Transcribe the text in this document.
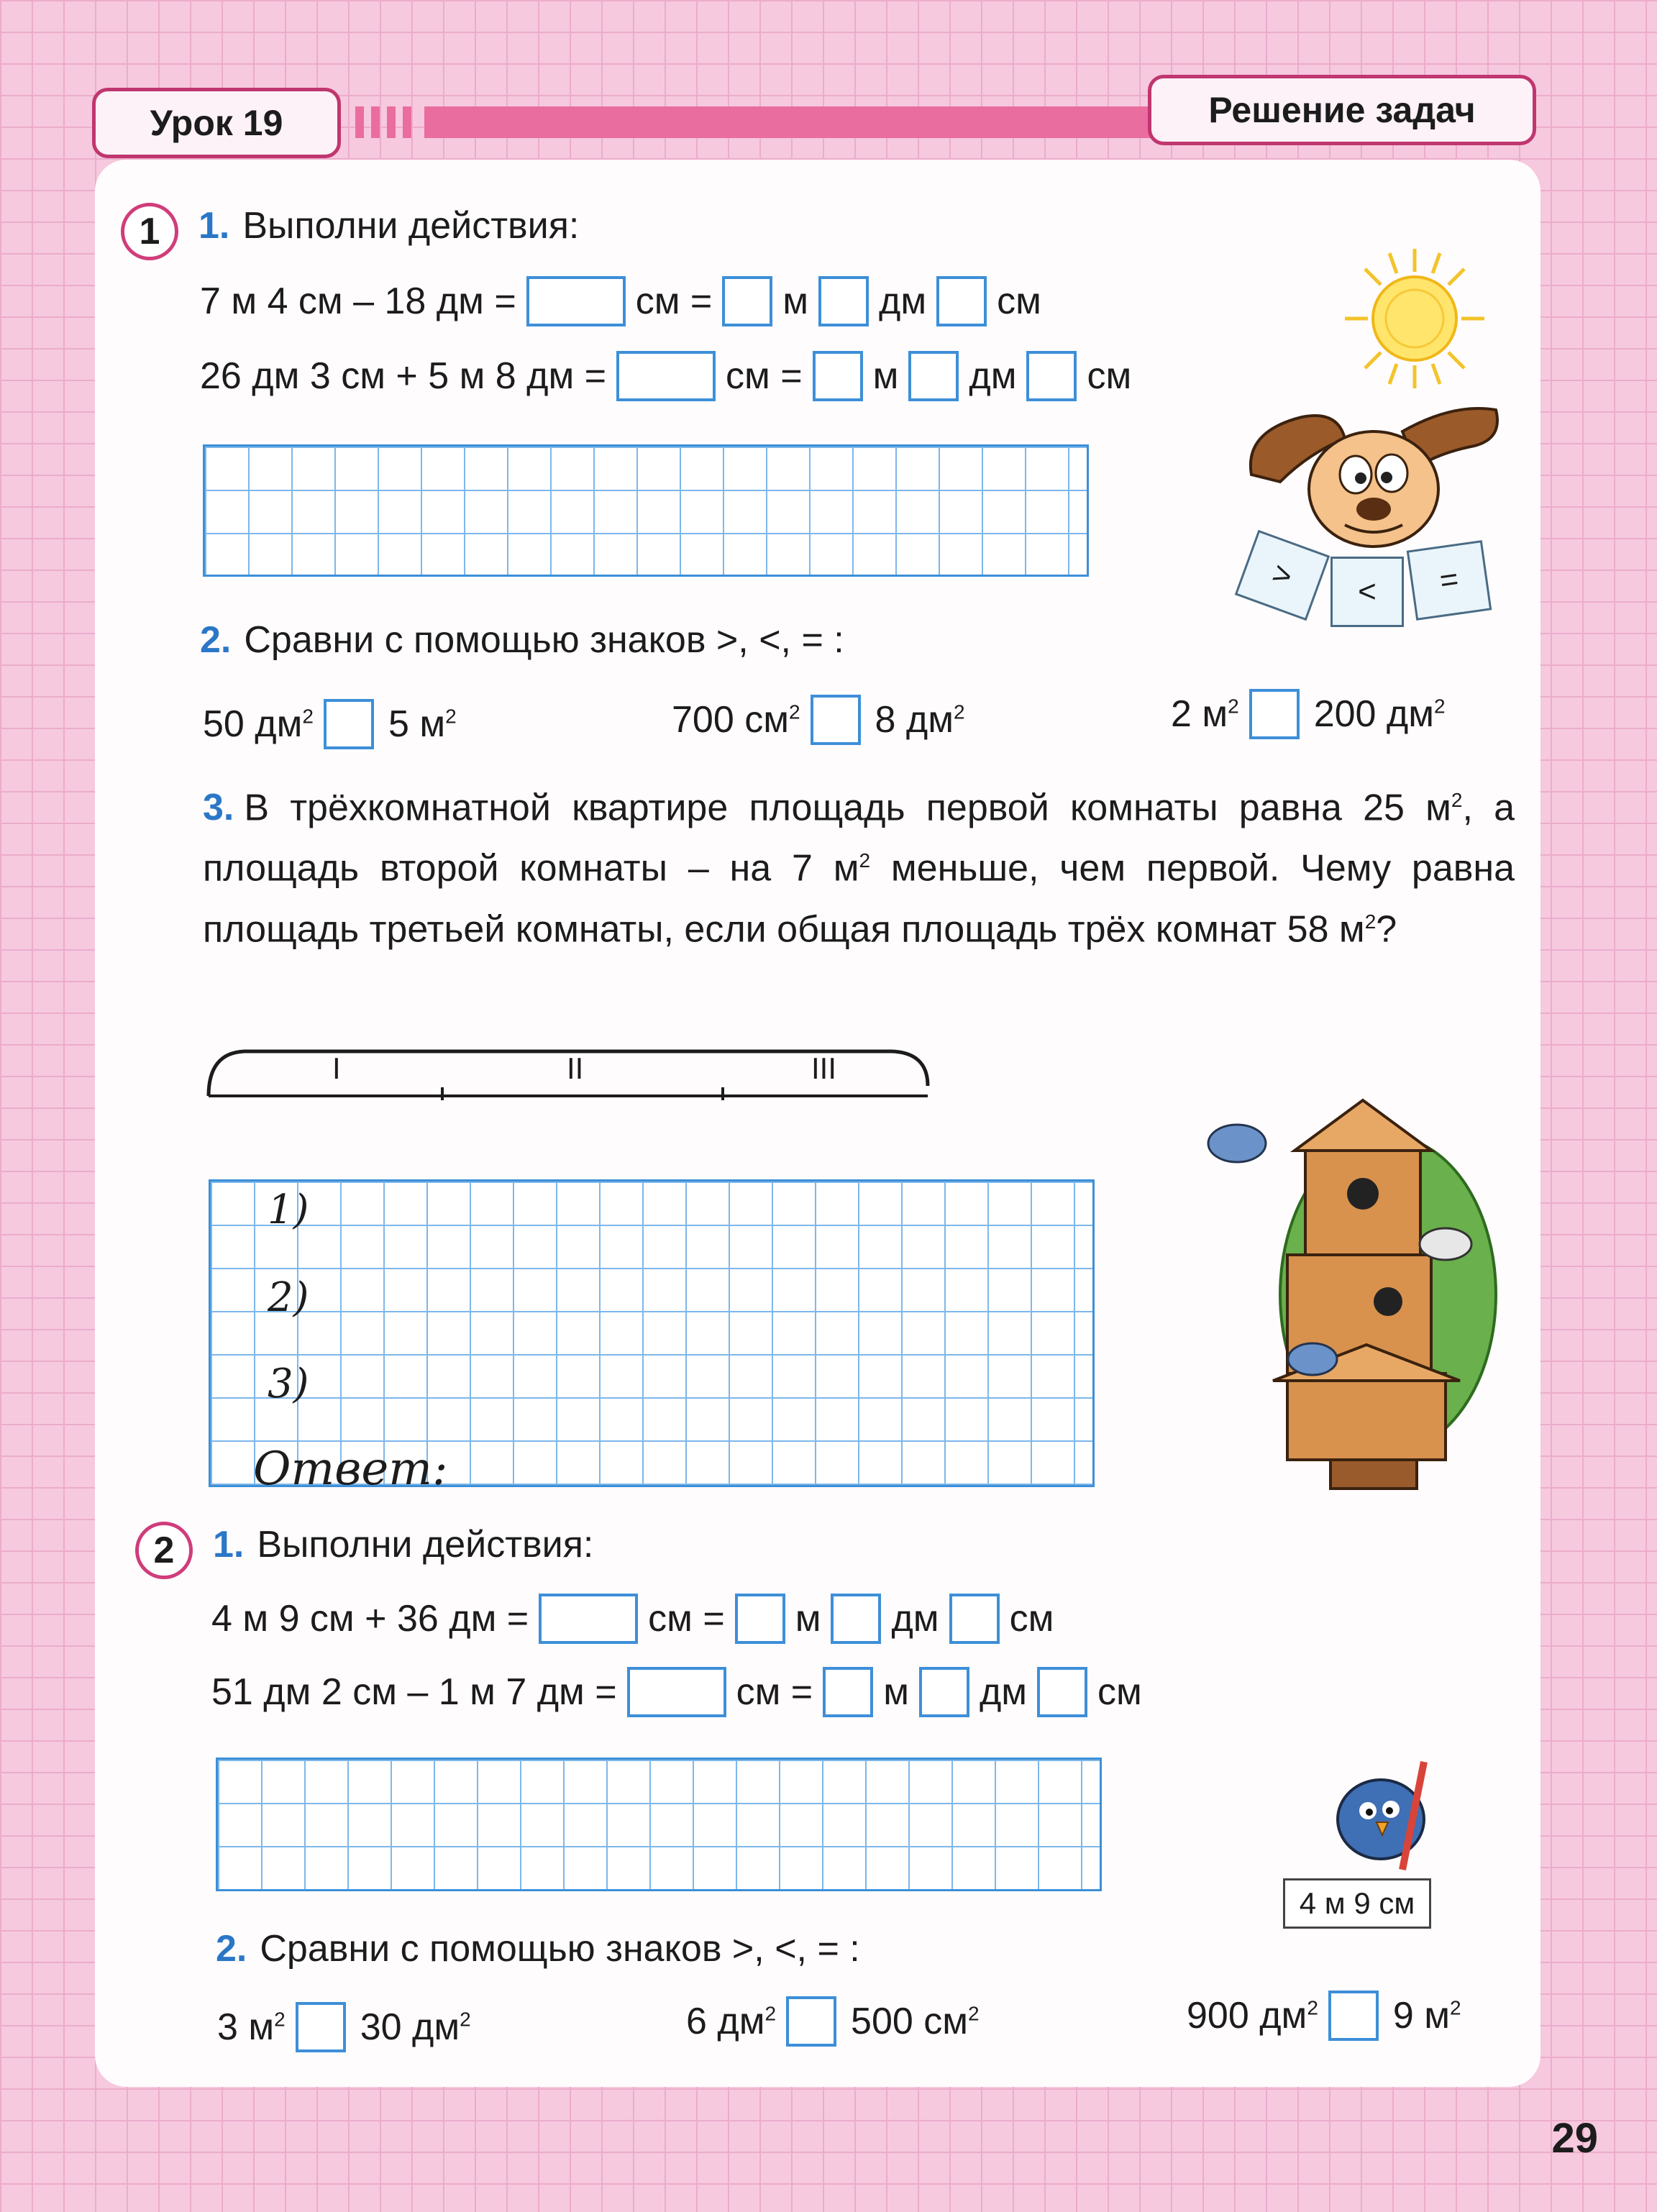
Урок 19	Решение задач
1	1. Выполни действия:
7 м 4 см – 18 дм =	см = м дм см
26 дм 3 см + 5 м 8 дм =	см = м дм см
>	<	=
2. Сравни с помощью знаков >, <, = :
50 $дм^2$ 5 $м^2$	700 $см^2$ 8 $дм^2$	2 $м^2$ 200 $дм^2$
3. В трёхкомнатной квартире площадь первой комнаты равна 25 $м^2$, а площадь второй комнаты – на 7 $м^2$ меньше, чем первой. Чему равна площадь третьей комнаты, если общая площадь трёх комнат 58 $м^2$?
I	II	III
1)
2)
3)
Ответ:
2	1. Выполни действия:
4 м 9 см + 36 дм =	см = м дм см
51 дм 2 см – 1 м 7 дм =	см = м дм см
4 м 9 см
2. Сравни с помощью знаков >, <, = :
3 $м^2$ 30 $дм^2$	6 $дм^2$ 500 $см^2$	900 $дм^2$ 9 $м^2$
29
